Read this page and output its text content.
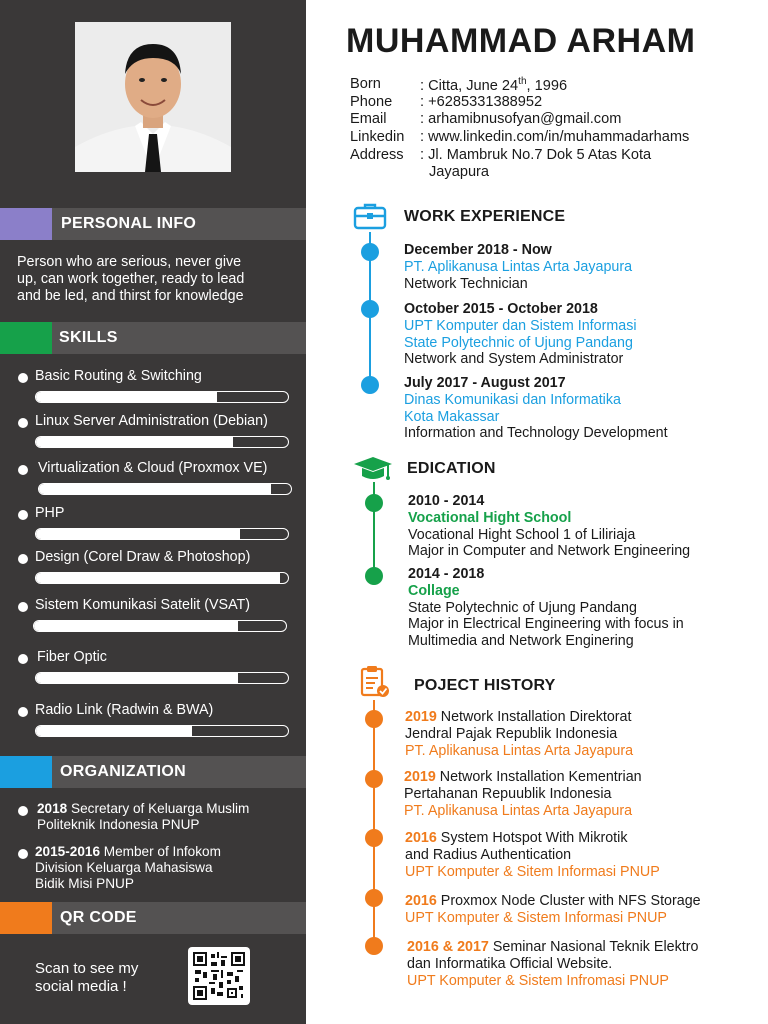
PERSONAL INFO
Person who are serious, never give
up, can work together, ready to lead
and be led, and thirst for knowledge
SKILLS
Basic Routing & Switching
Linux Server Administration (Debian)
Virtualization & Cloud (Proxmox VE)
PHP
Design (Corel Draw & Photoshop)
Sistem Komunikasi Satelit (VSAT)
Fiber Optic
Radio Link (Radwin & BWA)
ORGANIZATION
2018 Secretary of Keluarga Muslim
Politeknik Indonesia PNUP
2015-2016 Member of Infokom
Division Keluarga Mahasiswa
Bidik Misi PNUP
QR CODE
Scan to see my
social media !
MUHAMMAD ARHAM
Born	: Citta, June 24th, 1996
Phone : +6285331388952
Email : arhamibnusofyan@gmail.com
Linkedin : www.linkedin.com/in/muhammadarhams
Address : Jl. Mambruk No.7 Dok 5 Atas Kota
Jayapura
WORK EXPERIENCE
December 2018 - Now
PT. Aplikanusa Lintas Arta Jayapura
Network Technician
October 2015 - October 2018
UPT Komputer dan Sistem Informasi
State Polytechnic of Ujung Pandang
Network and System Administrator
July 2017 - August 2017
Dinas Komunikasi dan Informatika
Kota Makassar
Information and Technology Development
EDICATION
2010 - 2014
Vocational Hight School
Vocational Hight School 1 of Liliriaja
Major in Computer and Network Engineering
2014 - 2018
Collage
State Polytechnic of Ujung Pandang
Major in Electrical Engineering with focus in
Multimedia and Network Enginering
POJECT HISTORY
2019 Network Installation Direktorat
Jendral Pajak Republik Indonesia
PT. Aplikanusa Lintas Arta Jayapura
2019 Network Installation Kementrian
Pertahanan Repuublik Indonesia
PT. Aplikanusa Lintas Arta Jayapura
2016 System Hotspot With Mikrotik
and Radius Authentication
UPT Komputer & Sitem Informasi PNUP
2016 Proxmox Node Cluster with NFS Storage
UPT Komputer & Sistem Informasi PNUP
2016 & 2017 Seminar Nasional Teknik Elektro
dan Informatika Official Website.
UPT Komputer & Sistem Infromasi PNUP
